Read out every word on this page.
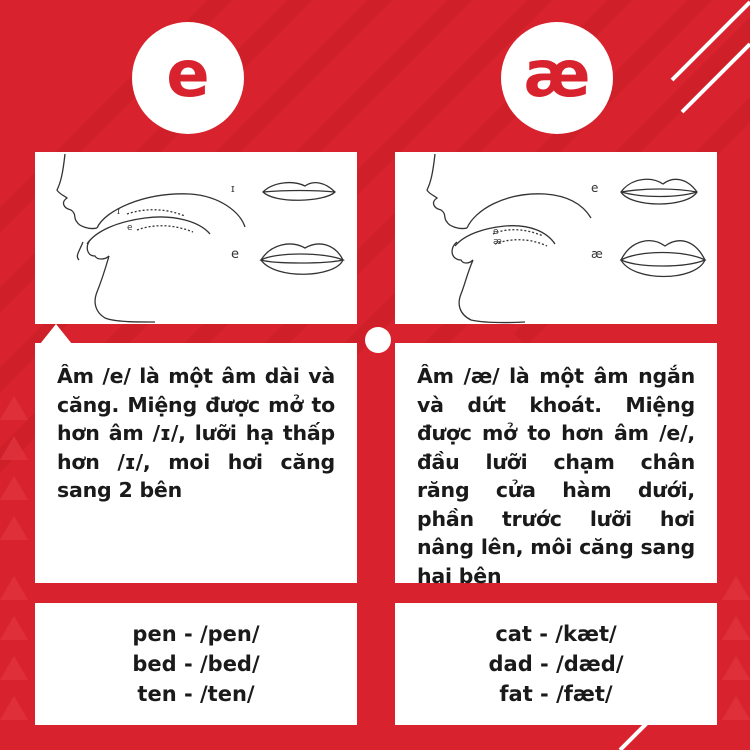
e	æ
ɪ
e
ɪ
e
e
æ
e
æ

Âm /e/ là một âm dài và căng. Miệng được mở to hơn âm /ɪ/, lưỡi hạ thấp hơn /ɪ/, moi hơi căng sang 2 bên

Âm /æ/ là một âm ngắn và dứt khoát. Miệng được mở to hơn âm /e/, đầu lưỡi chạm chân răng cửa hàm dưới, phần trước lưỡi hơi nâng lên, môi căng sang hai bên

pen - /pen/
bed - /bed/
ten - /ten/
cat - /kæt/
dad - /dæd/
fat - /fæt/
